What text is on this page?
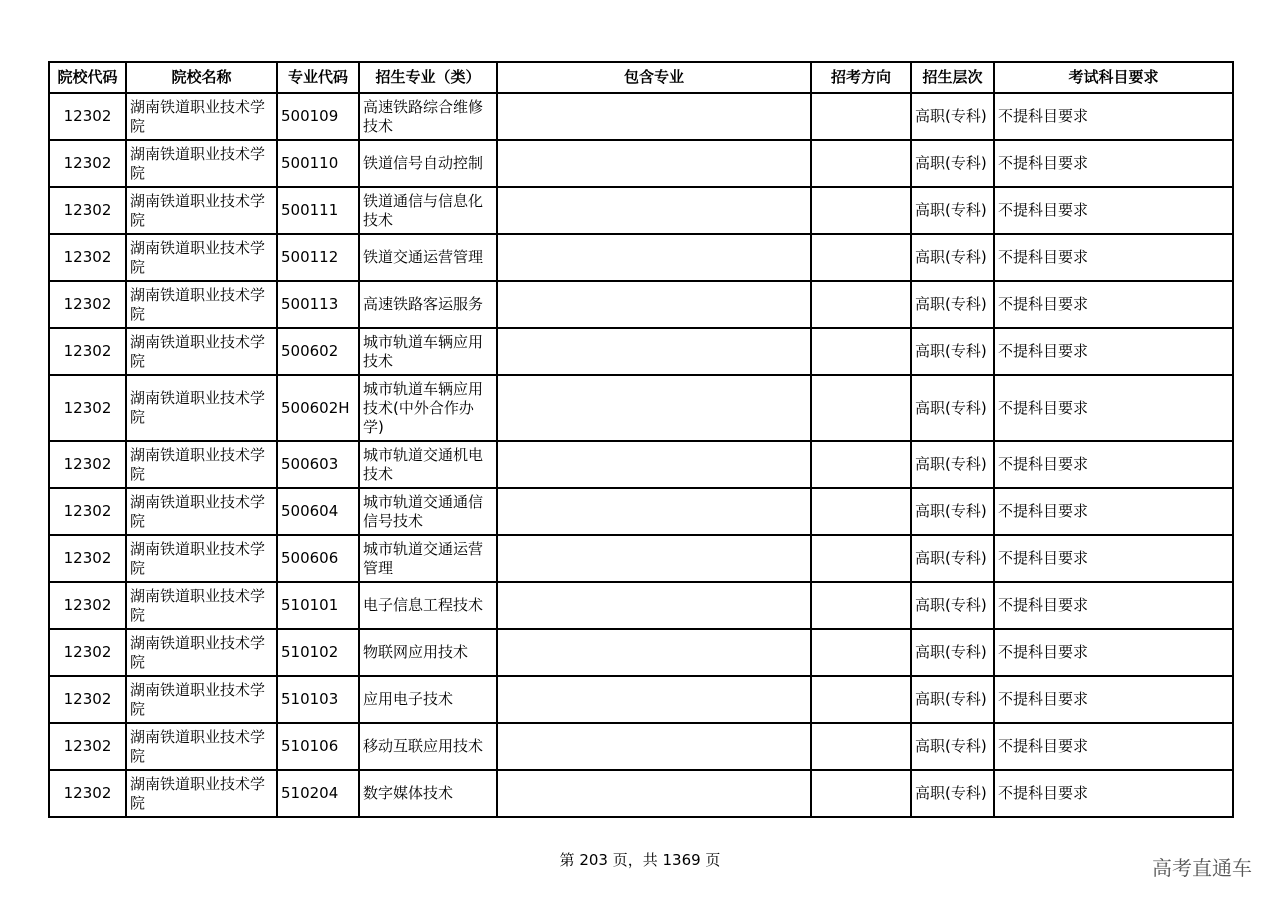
院校代码	院校名称	专业代码	招生专业（类）	包含专业	招考方向	招生层次	考试科目要求
12302	湖南铁道职业技术学院	500109	高速铁路综合维修技术			高职(专科)	不提科目要求
12302	湖南铁道职业技术学院	500110	铁道信号自动控制			高职(专科)	不提科目要求
12302	湖南铁道职业技术学院	500111	铁道通信与信息化技术			高职(专科)	不提科目要求
12302	湖南铁道职业技术学院	500112	铁道交通运营管理			高职(专科)	不提科目要求
12302	湖南铁道职业技术学院	500113	高速铁路客运服务			高职(专科)	不提科目要求
12302	湖南铁道职业技术学院	500602	城市轨道车辆应用技术			高职(专科)	不提科目要求
12302	湖南铁道职业技术学院	500602H	城市轨道车辆应用技术(中外合作办学)			高职(专科)	不提科目要求
12302	湖南铁道职业技术学院	500603	城市轨道交通机电技术			高职(专科)	不提科目要求
12302	湖南铁道职业技术学院	500604	城市轨道交通通信信号技术			高职(专科)	不提科目要求
12302	湖南铁道职业技术学院	500606	城市轨道交通运营管理			高职(专科)	不提科目要求
12302	湖南铁道职业技术学院	510101	电子信息工程技术			高职(专科)	不提科目要求
12302	湖南铁道职业技术学院	510102	物联网应用技术			高职(专科)	不提科目要求
12302	湖南铁道职业技术学院	510103	应用电子技术			高职(专科)	不提科目要求
12302	湖南铁道职业技术学院	510106	移动互联应用技术			高职(专科)	不提科目要求
12302	湖南铁道职业技术学院	510204	数字媒体技术			高职(专科)	不提科目要求
第 203 页，共 1369 页	高考直通车
